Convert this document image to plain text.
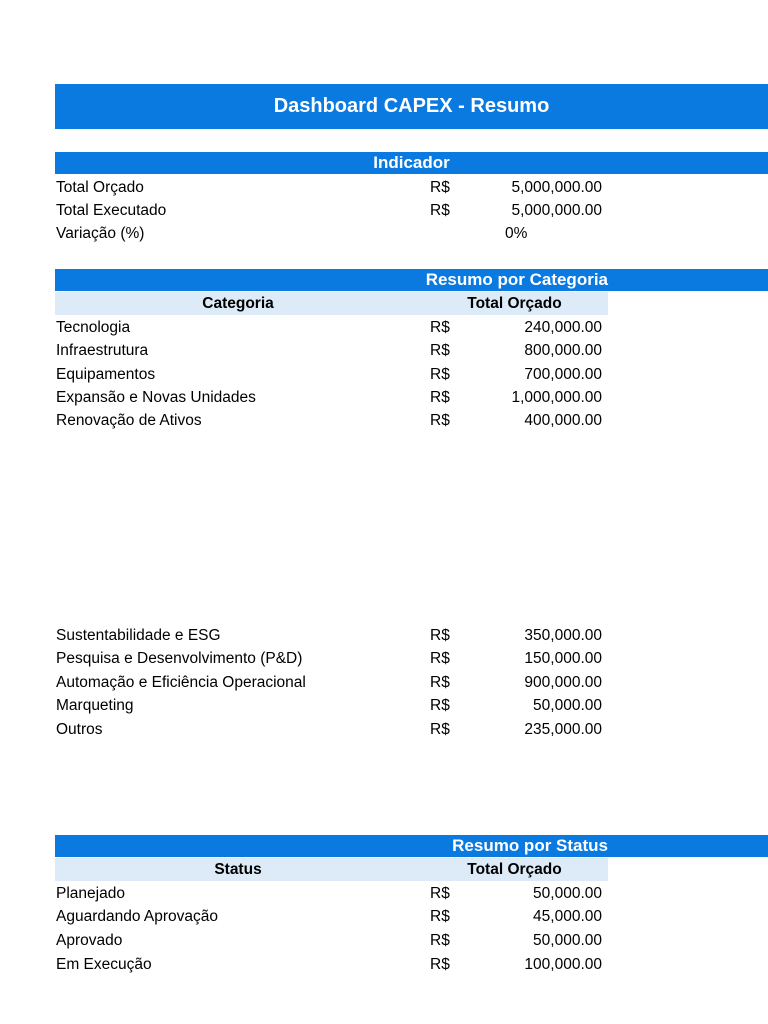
Dashboard CAPEX - Resumo
Indicador
Total Orçado	R$	5,000,000.00
Total Executado	R$	5,000,000.00
Variação (%)	0%
Resumo por Categoria
Categoria	Total Orçado
Tecnologia	R$	240,000.00
Infraestrutura	R$	800,000.00
Equipamentos	R$	700,000.00
Expansão e Novas Unidades	R$	1,000,000.00
Renovação de Ativos	R$	400,000.00
Sustentabilidade e ESG	R$	350,000.00
Pesquisa e Desenvolvimento (P&D)	R$	150,000.00
Automação e Eficiência Operacional	R$	900,000.00
Marqueting	R$	50,000.00
Outros	R$	235,000.00
Resumo por Status
Status	Total Orçado
Planejado	R$	50,000.00
Aguardando Aprovação	R$	45,000.00
Aprovado	R$	50,000.00
Em Execução	R$	100,000.00
